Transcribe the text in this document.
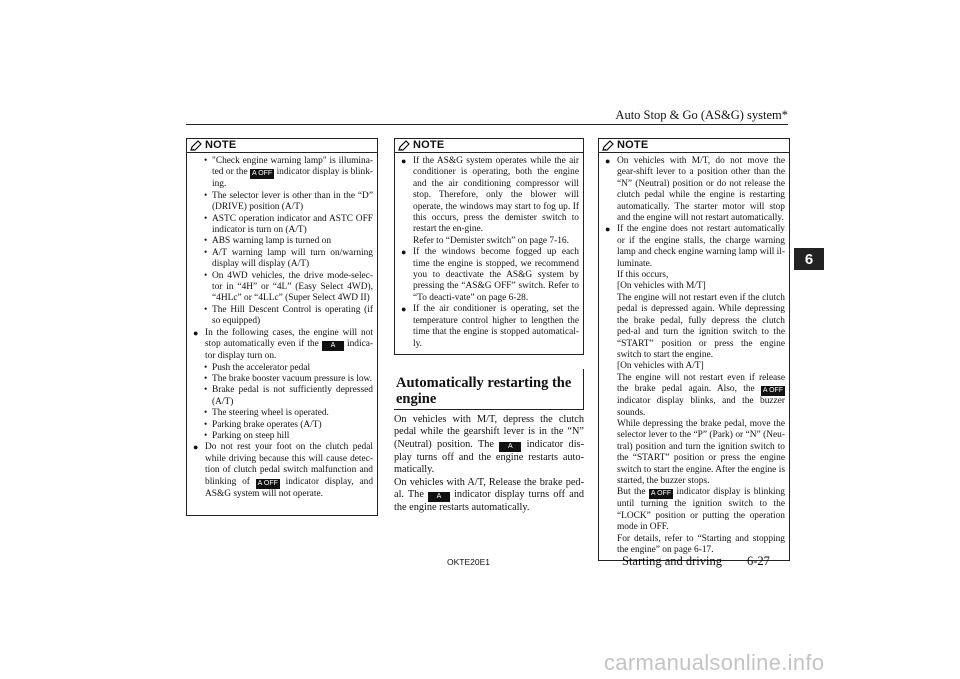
Auto Stop & Go (AS&G) system*
6
NOTE

• "Check engine warning lamp" is illumina-ted or the A OFF indicator display is blink-ing.

• The selector lever is other than in the “D” (DRIVE) position (A/T)

• ASTC operation indicator and ASTC OFF indicator is turn on (A/T)

• ABS warning lamp is turned on

• A/T warning lamp will turn on/warning display will display (A/T)

• On 4WD vehicles, the drive mode-selec-tor in “4H” or “4L” (Easy Select 4WD), “4HLc” or “4LLc” (Super Select 4WD II)

• The Hill Descent Control is operating (if so equipped)

● In the following cases, the engine will not stop automatically even if the A indica-tor display turn on.

• Push the accelerator pedal

• The brake booster vacuum pressure is low.

• Brake pedal is not sufficiently depressed (A/T)

• The steering wheel is operated.

• Parking brake operates (A/T)

• Parking on steep hill

● Do not rest your foot on the clutch pedal while driving because this will cause detec-tion of clutch pedal switch malfunction and blinking of A OFF indicator display, and AS&G system will not operate.

NOTE

● If the AS&G system operates while the air conditioner is operating, both the engine and the air conditioning compressor will stop. Therefore, only the blower will operate, the windows may start to fog up. If this occurs, press the demister switch to restart the en-gine.

Refer to “Demister switch” on page 7-16.

● If the windows become fogged up each time the engine is stopped, we recommend you to deactivate the AS&G system by pressing the “AS&G OFF” switch. Refer to “To deacti-vate” on page 6-28.

● If the air conditioner is operating, set the temperature control higher to lengthen the time that the engine is stopped automatical-ly.

Automatically restarting the engine

On vehicles with M/T, depress the clutch pedal while the gearshift lever is in the “N” (Neutral) position. The A indicator dis-play turns off and the engine restarts auto-matically.

On vehicles with A/T, Release the brake ped-al. The A indicator display turns off and the engine restarts automatically.

NOTE

● On vehicles with M/T, do not move the gear-shift lever to a position other than the “N” (Neutral) position or do not release the clutch pedal while the engine is restarting automatically. The starter motor will stop and the engine will not restart automatically.

● If the engine does not restart automatically or if the engine stalls, the charge warning lamp and check engine warning lamp will il-luminate.

If this occurs,

[On vehicles with M/T]

The engine will not restart even if the clutch pedal is depressed again. While depressing the brake pedal, fully depress the clutch ped-al and turn the ignition switch to the “START” position or press the engine switch to start the engine.

[On vehicles with A/T]

The engine will not restart even if release the brake pedal again. Also, the A OFF indicator display blinks, and the buzzer sounds.

While depressing the brake pedal, move the selector lever to the “P” (Park) or “N” (Neu-tral) position and turn the ignition switch to the “START” position or press the engine switch to start the engine. After the engine is started, the buzzer stops.

But the A OFF indicator display is blinking until turning the ignition switch to the “LOCK” position or putting the operation mode in OFF.

For details, refer to “Starting and stopping the engine” on page 6-17.

OKTE20E1	Starting and driving 6-27
carmanualsonline.info
